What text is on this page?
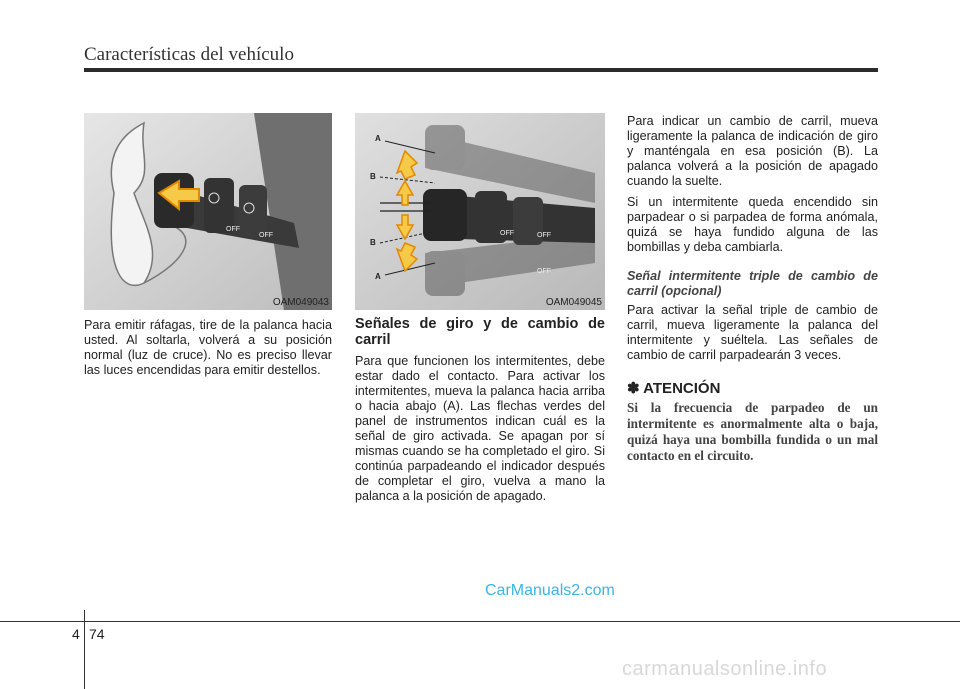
Características del vehículo
OFF
OFF
OAM049043
OFF	OFF
OFF
A
B
B
A
OAM049045

Para emitir ráfagas, tire de la palanca hacia usted. Al soltarla, volverá a su posición normal (luz de cruce). No es preciso llevar las luces encendidas para emitir destellos.

Señales de giro y de cambio de carril

Para que funcionen los intermitentes, debe estar dado el contacto. Para activar los intermitentes, mueva la palanca hacia arriba o hacia abajo (A). Las flechas verdes del panel de instrumentos indican cuál es la señal de giro activada. Se apagan por sí mismas cuando se ha completado el giro. Si continúa parpadeando el indicador después de completar el giro, vuelva a mano la palanca a la posición de apagado.

Para indicar un cambio de carril, mueva ligeramente la palanca de indicación de giro y manténgala en esa posición (B). La palanca volverá a la posición de apagado cuando la suelte.

Si un intermitente queda encendido sin parpadear o si parpadea de forma anómala, quizá se haya fundido alguna de las bombillas y deba cambiarla.

Señal intermitente triple de cambio de carril (opcional)

Para activar la señal triple de cambio de carril, mueva ligeramente la palanca del intermitente y suéltela. Las señales de cambio de carril parpadearán 3 veces.

✽ ATENCIÓN

Si la frecuencia de parpadeo de un intermitente es anormalmente alta o baja, quizá haya una bombilla fundida o un mal contacto en el circuito.

CarManuals2.com
4 74
carmanualsonline.info
